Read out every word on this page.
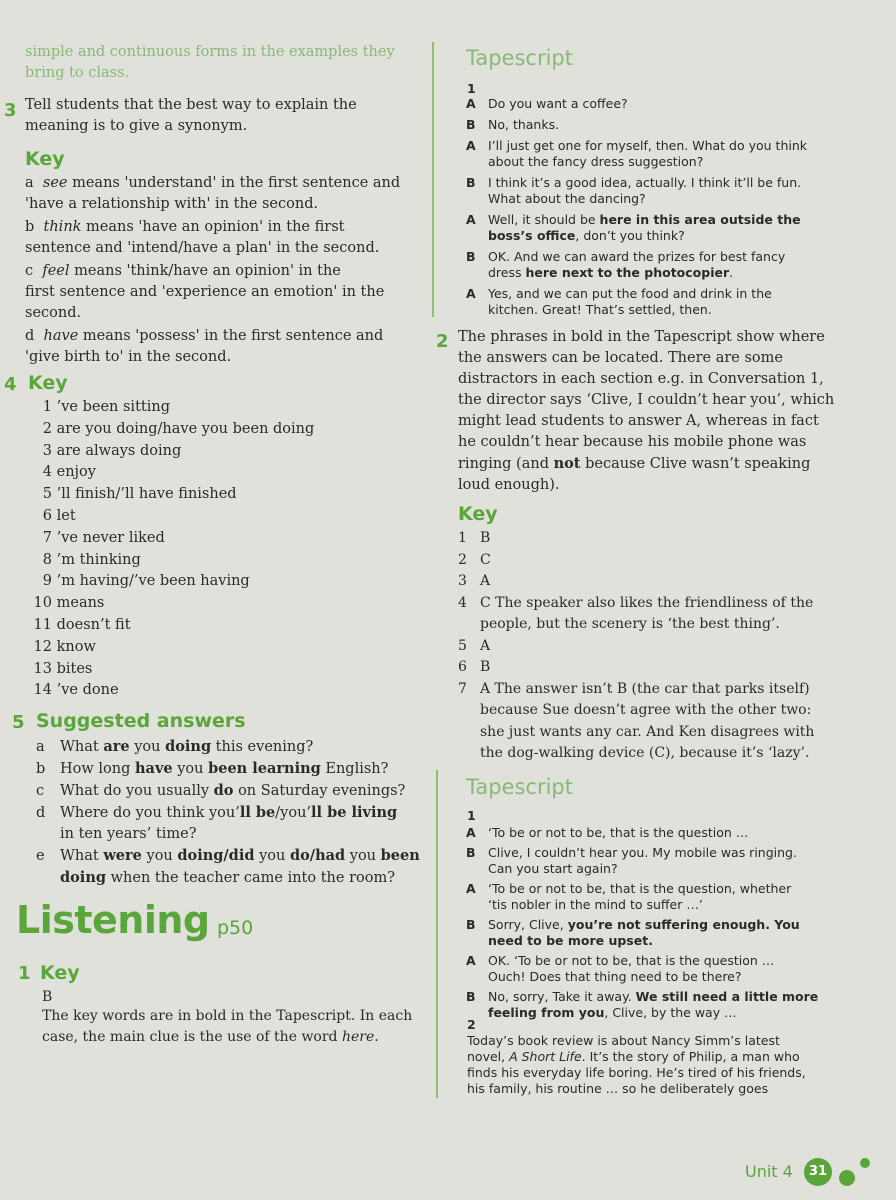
simple and continuous forms in the examples they
bring to class.
3 Tell students that the best way to explain the
meaning is to give a synonym.
Key
a see means 'understand' in the first sentence and
'have a relationship with' in the second.
b think means 'have an opinion' in the first
sentence and 'intend/have a plan' in the second.
c feel means 'think/have an opinion' in the
first sentence and 'experience an emotion' in the
second.
d have means 'possess' in the first sentence and
'give birth to' in the second.
4 Key
1 ’ve been sitting
2 are you doing/have you been doing
3 are always doing
4 enjoy
5 ’ll finish/’ll have finished
6 let
7 ’ve never liked
8 ’m thinking
9 ’m having/’ve been having
10 means
11 doesn’t fit
12 know
13 bites
14 ’ve done
5 Suggested answers
a What are you doing this evening?
b How long have you been learning English?
c What do you usually do on Saturday evenings?
d Where do you think you’ll be/you’ll be living
in ten years’ time?
e What were you doing/did you do/had you been
doing when the teacher came into the room?
Listening p50
1 Key
B
The key words are in bold in the Tapescript. In each
case, the main clue is the use of the word here.
Tapescript
1
A Do you want a coffee?
B No, thanks.
A I’ll just get one for myself, then. What do you think
about the fancy dress suggestion?
B I think it’s a good idea, actually. I think it’ll be fun.
What about the dancing?
A Well, it should be here in this area outside the
boss’s office, don’t you think?
B OK. And we can award the prizes for best fancy
dress here next to the photocopier.
A Yes, and we can put the food and drink in the
kitchen. Great! That’s settled, then.
2 The phrases in bold in the Tapescript show where
the answers can be located. There are some
distractors in each section e.g. in Conversation 1,
the director says ‘Clive, I couldn’t hear you’, which
might lead students to answer A, whereas in fact
he couldn’t hear because his mobile phone was
ringing (and not because Clive wasn’t speaking
loud enough).
Key
1 B
2 C
3 A
4 C The speaker also likes the friendliness of the
people, but the scenery is ‘the best thing’.
5 A
6 B
7 A The answer isn’t B (the car that parks itself)
because Sue doesn’t agree with the other two:
she just wants any car. And Ken disagrees with
the dog-walking device (C), because it’s ‘lazy’.
Tapescript
1
A ‘To be or not to be, that is the question …
B Clive, I couldn’t hear you. My mobile was ringing.
Can you start again?
A ‘To be or not to be, that is the question, whether
‘tis nobler in the mind to suffer …’
B Sorry, Clive, you’re not suffering enough. You
need to be more upset.
A OK. ‘To be or not to be, that is the question …
Ouch! Does that thing need to be there?
B No, sorry, Take it away. We still need a little more
feeling from you, Clive, by the way …
2
Today’s book review is about Nancy Simm’s latest
novel, A Short Life. It’s the story of Philip, a man who
finds his everyday life boring. He’s tired of his friends,
his family, his routine … so he deliberately goes
Unit 4	31
